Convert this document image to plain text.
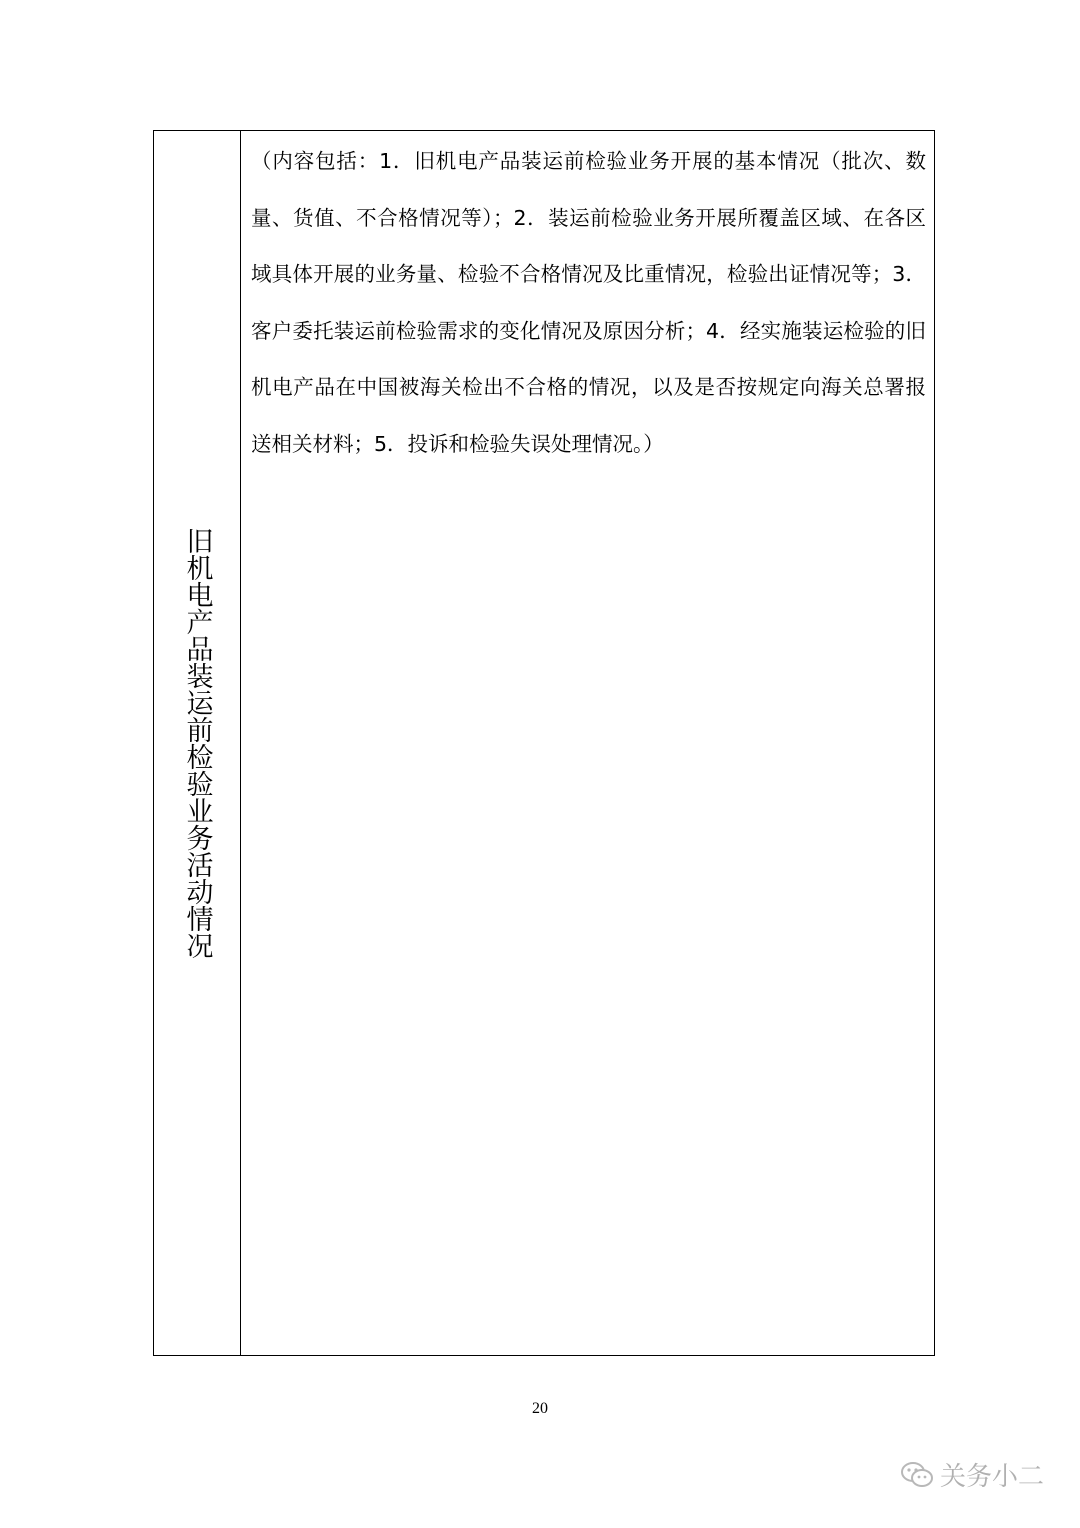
旧机电产品装运前检验业务活动情况

（内容包括：1．旧机电产品装运前检验业务开展的基本情况（批次、数量、货值、不合格情况等）；2．装运前检验业务开展所覆盖区域、在各区域具体开展的业务量、检验不合格情况及比重情况，检验出证情况等；3．客户委托装运前检验需求的变化情况及原因分析；4．经实施装运检验的旧机电产品在中国被海关检出不合格的情况，以及是否按规定向海关总署报送相关材料；5．投诉和检验失误处理情况。）

20
关务小二
